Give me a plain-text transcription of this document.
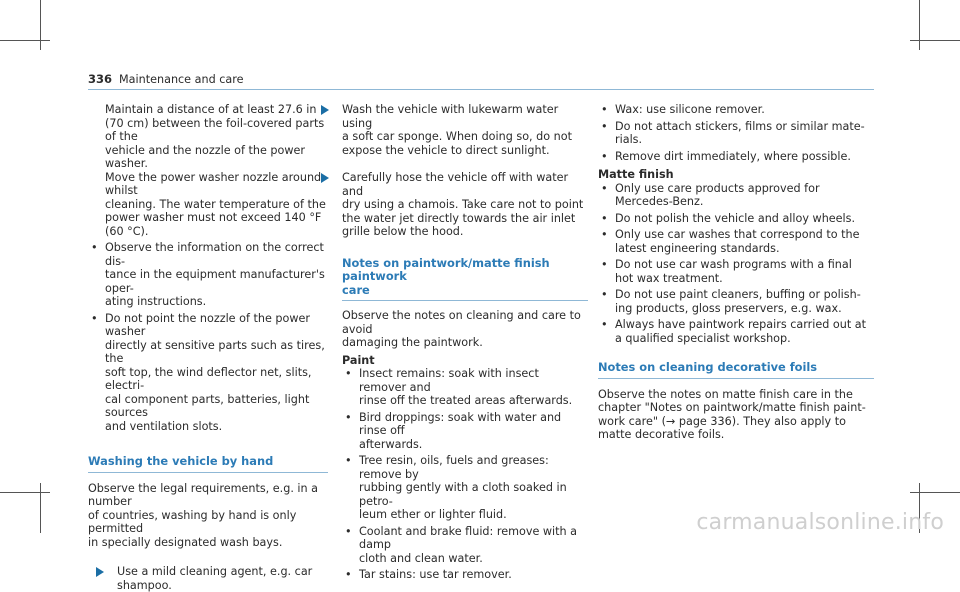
336 Maintenance and care
Maintain a distance of at least 27.6 in
(70 cm) between the foil-covered parts of the
vehicle and the nozzle of the power washer.
Move the power washer nozzle around whilst
cleaning. The water temperature of the
power washer must not exceed 140 °F
(60 °C).
• Observe the information on the correct dis-
tance in the equipment manufacturer's oper-
ating instructions.
• Do not point the nozzle of the power washer
directly at sensitive parts such as tires, the
soft top, the wind deflector net, slits, electri-
cal component parts, batteries, light sources
and ventilation slots.
Washing the vehicle by hand
Observe the legal requirements, e.g. in a number
of countries, washing by hand is only permitted
in specially designated wash bays.
Use a mild cleaning agent, e.g. car shampoo.
Wash the vehicle with lukewarm water using
a soft car sponge. When doing so, do not
expose the vehicle to direct sunlight.
Carefully hose the vehicle off with water and
dry using a chamois. Take care not to point
the water jet directly towards the air inlet
grille below the hood.
Notes on paintwork/matte finish paintwork
care
Observe the notes on cleaning and care to avoid
damaging the paintwork.
Paint
• Insect remains: soak with insect remover and
rinse off the treated areas afterwards.
• Bird droppings: soak with water and rinse off
afterwards.
• Tree resin, oils, fuels and greases: remove by
rubbing gently with a cloth soaked in petro-
leum ether or lighter fluid.
• Coolant and brake fluid: remove with a damp
cloth and clean water.
• Tar stains: use tar remover.
• Wax: use silicone remover.
• Do not attach stickers, films or similar mate-
rials.
• Remove dirt immediately, where possible.
Matte finish
• Only use care products approved for
Mercedes-Benz.
• Do not polish the vehicle and alloy wheels.
• Only use car washes that correspond to the
latest engineering standards.
• Do not use car wash programs with a final
hot wax treatment.
• Do not use paint cleaners, buffing or polish-
ing products, gloss preservers, e.g. wax.
• Always have paintwork repairs carried out at
a qualified specialist workshop.
Notes on cleaning decorative foils
Observe the notes on matte finish care in the
chapter "Notes on paintwork/matte finish paint-
work care" (→ page 336). They also apply to
matte decorative foils.
carmanualsonline.info
